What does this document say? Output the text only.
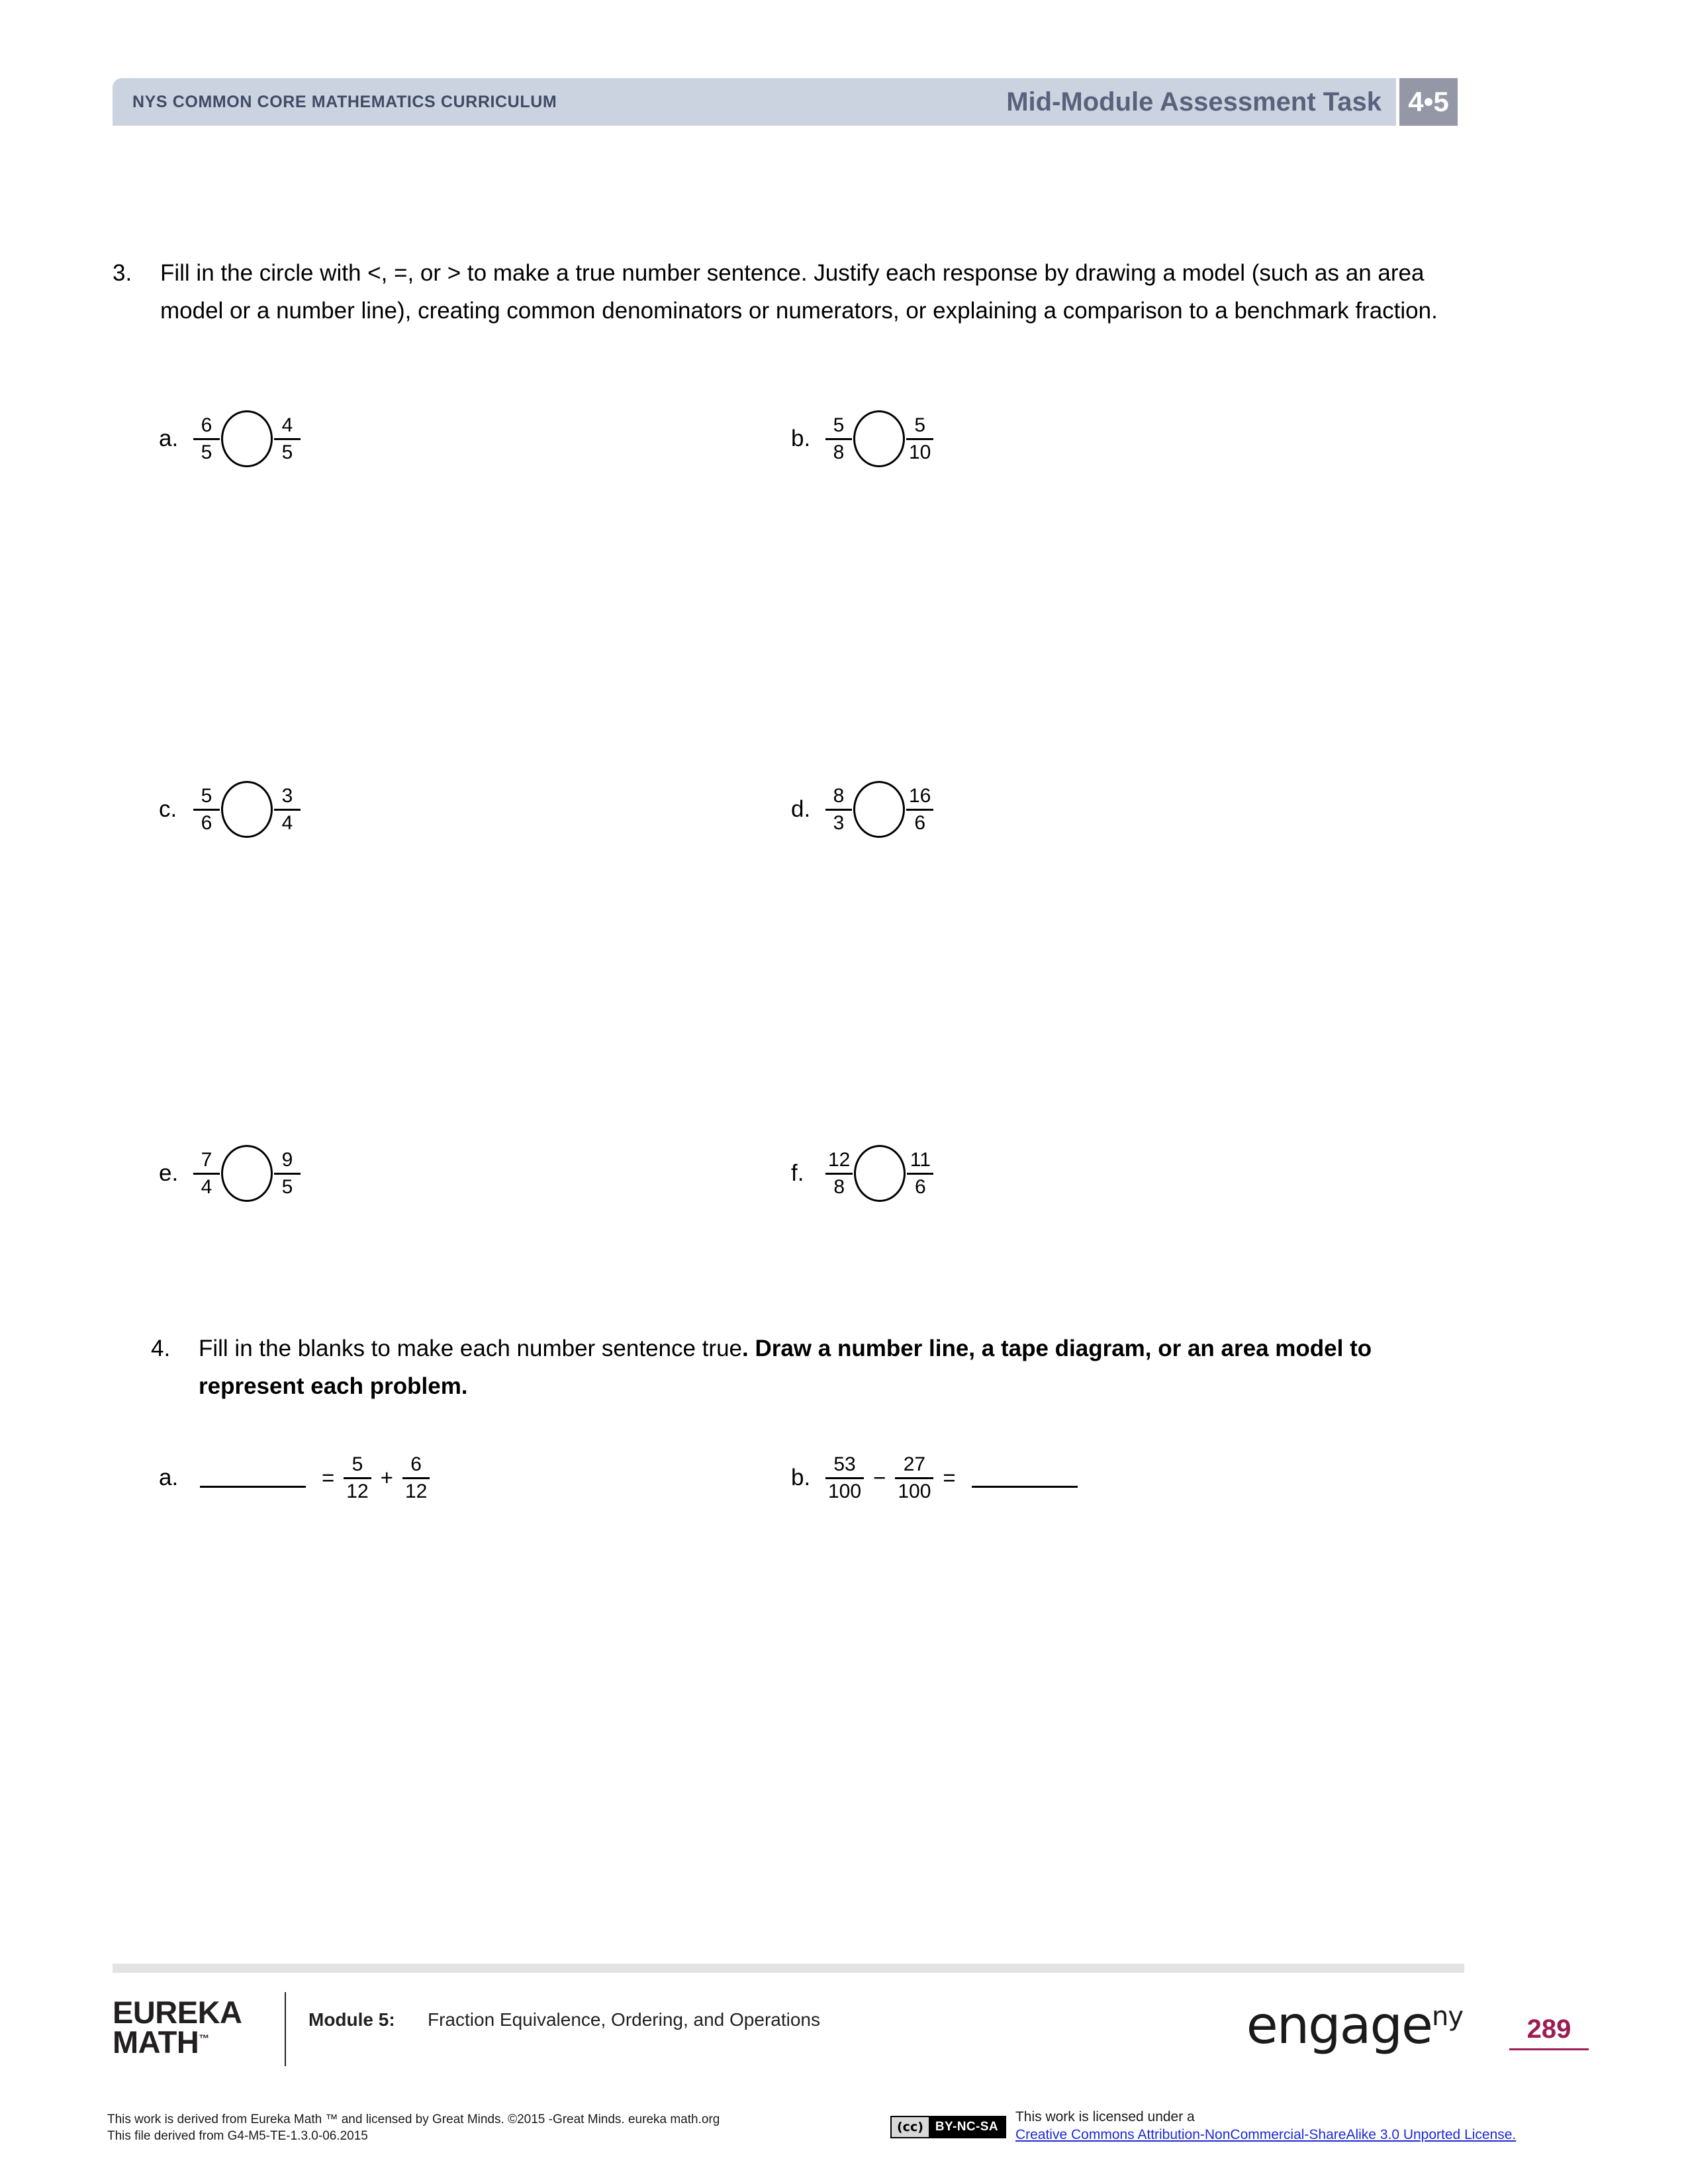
NYS COMMON CORE MATHEMATICS CURRICULUM	Mid-Module Assessment Task 4•5
3.	Fill in the circle with <, =, or > to make a true number sentence. Justify each response by drawing a model (such as an area model or a number line), creating common denominators or numerators, or explaining a comparison to a benchmark fraction.
a. $\frac{6}{5}$	$\frac{4}{5}$	b. $\frac{5}{8}$	$\frac{5}{10}$
c. $\frac{5}{6}$	$\frac{3}{4}$	d. $\frac{8}{3}$	$\frac{16}{6}$
e. $\frac{7}{4}$	$\frac{9}{5}$	f.	$\frac{12}{8}$	$\frac{11}{6}$
4.	Fill in the blanks to make each number sentence true. Draw a number line, a tape diagram, or an area model to represent each problem.
a.	= $\frac{5}{12} + \frac{6}{12}$	b. $\frac{53}{100} - \frac{27}{100}$ =
EUREKA
MATH™
Module 5:	Fraction Equivalence, Ordering, and Operations	engage$^{ny}$	289
This work is derived from Eureka Math ™ and licensed by Great Minds. ©2015 -Great Minds. eureka math.org
This file derived from G4-M5-TE-1.3.0-06.2015
(cc) BY-NC-SA
This work is licensed under a
Creative Commons Attribution-NonCommercial-ShareAlike 3.0 Unported License.
